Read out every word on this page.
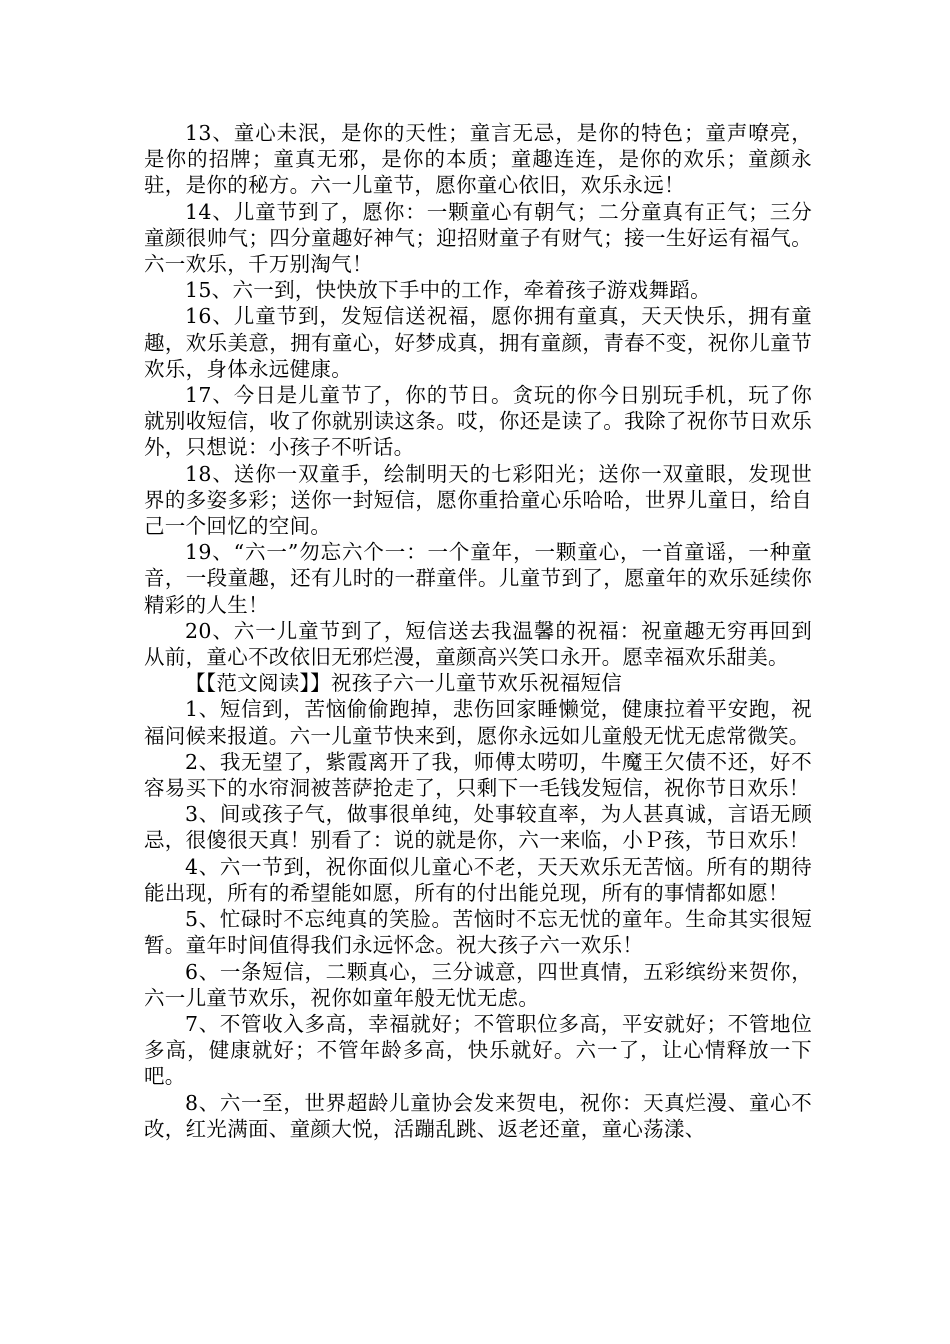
13、童心未泯，是你的天性；童言无忌，是你的特色；童声嘹亮，是你的招牌；童真无邪，是你的本质；童趣连连，是你的欢乐；童颜永驻，是你的秘方。六一儿童节，愿你童心依旧，欢乐永远！

14、儿童节到了，愿你：一颗童心有朝气；二分童真有正气；三分童颜很帅气；四分童趣好神气；迎招财童子有财气；接一生好运有福气。六一欢乐，千万别淘气！

15、六一到，快快放下手中的工作，牵着孩子游戏舞蹈。

16、儿童节到，发短信送祝福，愿你拥有童真，天天快乐，拥有童趣，欢乐美意，拥有童心，好梦成真，拥有童颜，青春不变，祝你儿童节欢乐，身体永远健康。

17、今日是儿童节了，你的节日。贪玩的你今日别玩手机，玩了你就别收短信，收了你就别读这条。哎，你还是读了。我除了祝你节日欢乐外，只想说：小孩子不听话。

18、送你一双童手，绘制明天的七彩阳光；送你一双童眼，发现世界的多姿多彩；送你一封短信，愿你重拾童心乐哈哈，世界儿童日，给自己一个回忆的空间。

19、“六一”勿忘六个一：一个童年，一颗童心，一首童谣，一种童音，一段童趣，还有儿时的一群童伴。儿童节到了，愿童年的欢乐延续你精彩的人生！

20、六一儿童节到了，短信送去我温馨的祝福：祝童趣无穷再回到从前，童心不改依旧无邪烂漫，童颜高兴笑口永开。愿幸福欢乐甜美。

【【范文阅读】】祝孩子六一儿童节欢乐祝福短信

1、短信到，苦恼偷偷跑掉，悲伤回家睡懒觉，健康拉着平安跑，祝福问候来报道。六一儿童节快来到，愿你永远如儿童般无忧无虑常微笑。

2、我无望了，紫霞离开了我，师傅太唠叨，牛魔王欠债不还，好不容易买下的水帘洞被菩萨抢走了，只剩下一毛钱发短信，祝你节日欢乐！

3、间或孩子气，做事很单纯，处事较直率，为人甚真诚，言语无顾忌，很傻很天真！别看了：说的就是你，六一来临，小Ｐ孩，节日欢乐！

4、六一节到，祝你面似儿童心不老，天天欢乐无苦恼。所有的期待能出现，所有的希望能如愿，所有的付出能兑现，所有的事情都如愿！

5、忙碌时不忘纯真的笑脸。苦恼时不忘无忧的童年。生命其实很短暂。童年时间值得我们永远怀念。祝大孩子六一欢乐！

6、一条短信，二颗真心，三分诚意，四世真情，五彩缤纷来贺你，六一儿童节欢乐，祝你如童年般无忧无虑。

7、不管收入多高，幸福就好；不管职位多高，平安就好；不管地位多高，健康就好；不管年龄多高，快乐就好。六一了，让心情释放一下吧。

8、六一至，世界超龄儿童协会发来贺电，祝你：天真烂漫、童心不改，红光满面、童颜大悦，活蹦乱跳、返老还童，童心荡漾、
